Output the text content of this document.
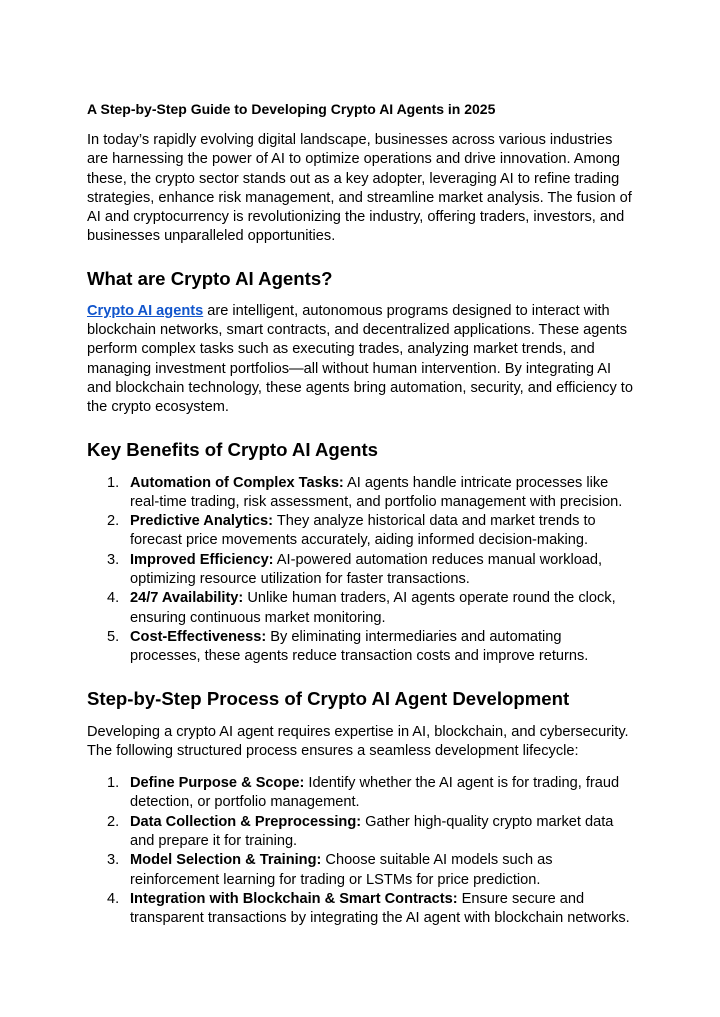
A Step-by-Step Guide to Developing Crypto AI Agents in 2025

In today’s rapidly evolving digital landscape, businesses across various industries
are harnessing the power of AI to optimize operations and drive innovation. Among
these, the crypto sector stands out as a key adopter, leveraging AI to refine trading
strategies, enhance risk management, and streamline market analysis. The fusion of
AI and cryptocurrency is revolutionizing the industry, offering traders, investors, and
businesses unparalleled opportunities.

What are Crypto AI Agents?

Crypto AI agents are intelligent, autonomous programs designed to interact with
blockchain networks, smart contracts, and decentralized applications. These agents
perform complex tasks such as executing trades, analyzing market trends, and
managing investment portfolios—all without human intervention. By integrating AI
and blockchain technology, these agents bring automation, security, and efficiency to
the crypto ecosystem.

Key Benefits of Crypto AI Agents
1. Automation of Complex Tasks: AI agents handle intricate processes like
real-time trading, risk assessment, and portfolio management with precision.
2. Predictive Analytics: They analyze historical data and market trends to
forecast price movements accurately, aiding informed decision-making.
3. Improved Efficiency: AI-powered automation reduces manual workload,
optimizing resource utilization for faster transactions.
4. 24/7 Availability: Unlike human traders, AI agents operate round the clock,
ensuring continuous market monitoring.
5. Cost-Effectiveness: By eliminating intermediaries and automating
processes, these agents reduce transaction costs and improve returns.
Step-by-Step Process of Crypto AI Agent Development

Developing a crypto AI agent requires expertise in AI, blockchain, and cybersecurity.
The following structured process ensures a seamless development lifecycle:

1. Define Purpose & Scope: Identify whether the AI agent is for trading, fraud
detection, or portfolio management.
2. Data Collection & Preprocessing: Gather high-quality crypto market data
and prepare it for training.
3. Model Selection & Training: Choose suitable AI models such as
reinforcement learning for trading or LSTMs for price prediction.
4. Integration with Blockchain & Smart Contracts: Ensure secure and
transparent transactions by integrating the AI agent with blockchain networks.
